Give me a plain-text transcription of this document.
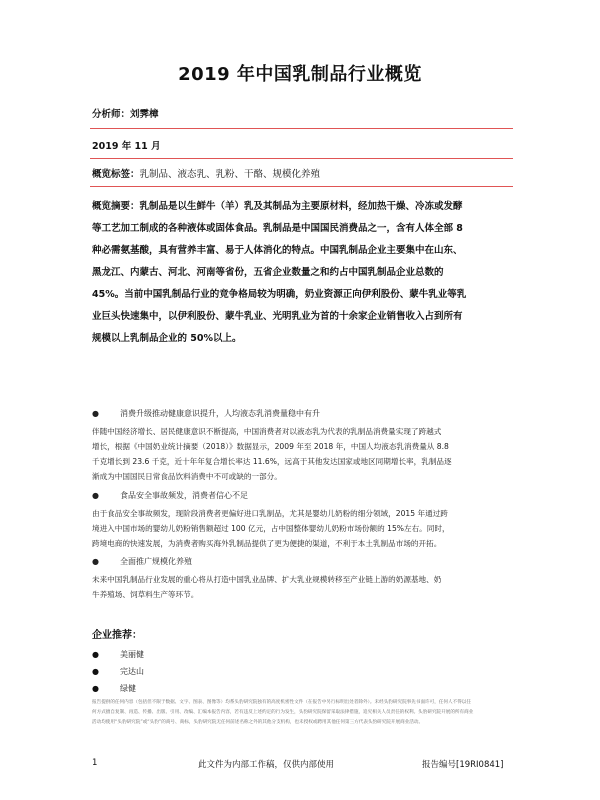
2019 年中国乳制品行业概览
分析师：刘霁樟
2019 年 11 月
概览标签：乳制品、液态乳、乳粉、干酪、规模化养殖

概览摘要：乳制品是以生鲜牛（羊）乳及其制品为主要原材料，经加热干燥、冷冻或发酵

等工艺加工制成的各种液体或固体食品。乳制品是中国国民消费品之一，含有人体全部 8

种必需氨基酸，具有营养丰富、易于人体消化的特点。中国乳制品企业主要集中在山东、

黑龙江、内蒙古、河北、河南等省份，五省企业数量之和约占中国乳制品企业总数的

45%。当前中国乳制品行业的竞争格局较为明确，奶业资源正向伊利股份、蒙牛乳业等乳

业巨头快速集中，以伊利股份、蒙牛乳业、光明乳业为首的十余家企业销售收入占到所有

规模以上乳制品企业的 50%以上。

●	消费升级推动健康意识提升，人均液态乳消费量稳中有升

伴随中国经济增长、居民健康意识不断提高，中国消费者对以液态乳为代表的乳制品消费量实现了跨越式

增长，根据《中国奶业统计摘要（2018）》数据显示，2009 年至 2018 年，中国人均液态乳消费量从 8.8

千克增长到 23.6 千克，近十年年复合增长率达 11.6%，远高于其他发达国家或地区同期增长率，乳制品逐

渐成为中国国民日常食品饮料消费中不可或缺的一部分。

●	食品安全事故频发，消费者信心不足

由于食品安全事故频发，现阶段消费者更偏好进口乳制品，尤其是婴幼儿奶粉的细分领域，2015 年通过跨

境进入中国市场的婴幼儿奶粉销售额超过 100 亿元，占中国整体婴幼儿奶粉市场份额的 15%左右。同时，

跨境电商的快速发展，为消费者购买海外乳制品提供了更为便捷的渠道，不利于本土乳制品市场的开拓。

●	全面推广规模化养殖

未来中国乳制品行业发展的重心将从打造中国乳业品牌、扩大乳业规模转移至产业链上游的奶源基地、奶

牛养殖场、饲草料生产等环节。

企业推荐：
●	美丽健
●	完达山
●	绿健

报告提供的任何内容（包括但不限于数据、文字、图表、图像等）均系头豹研究院独有的高度机密性文件（在报告中另行标明出处者除外）。未经头豹研究院事先书面许可，任何人不得以任

何方式擅自复制、再造、传播、出版、引用、改编、汇编本报告内容，若有违反上述约定的行为发生，头豹研究院保留采取法律措施，追究相关人员责任的权利。头豹研究院开展的所有商业

活动均使用“头豹研究院”或“头豹”的商号、商标，头豹研究院无任何前述名称之外的其他分支机构，也未授权或聘用其他任何第三方代表头豹研究院开展商业活动。

1	此文件为内部工作稿，仅供内部使用	报告编号[19RI0841]
